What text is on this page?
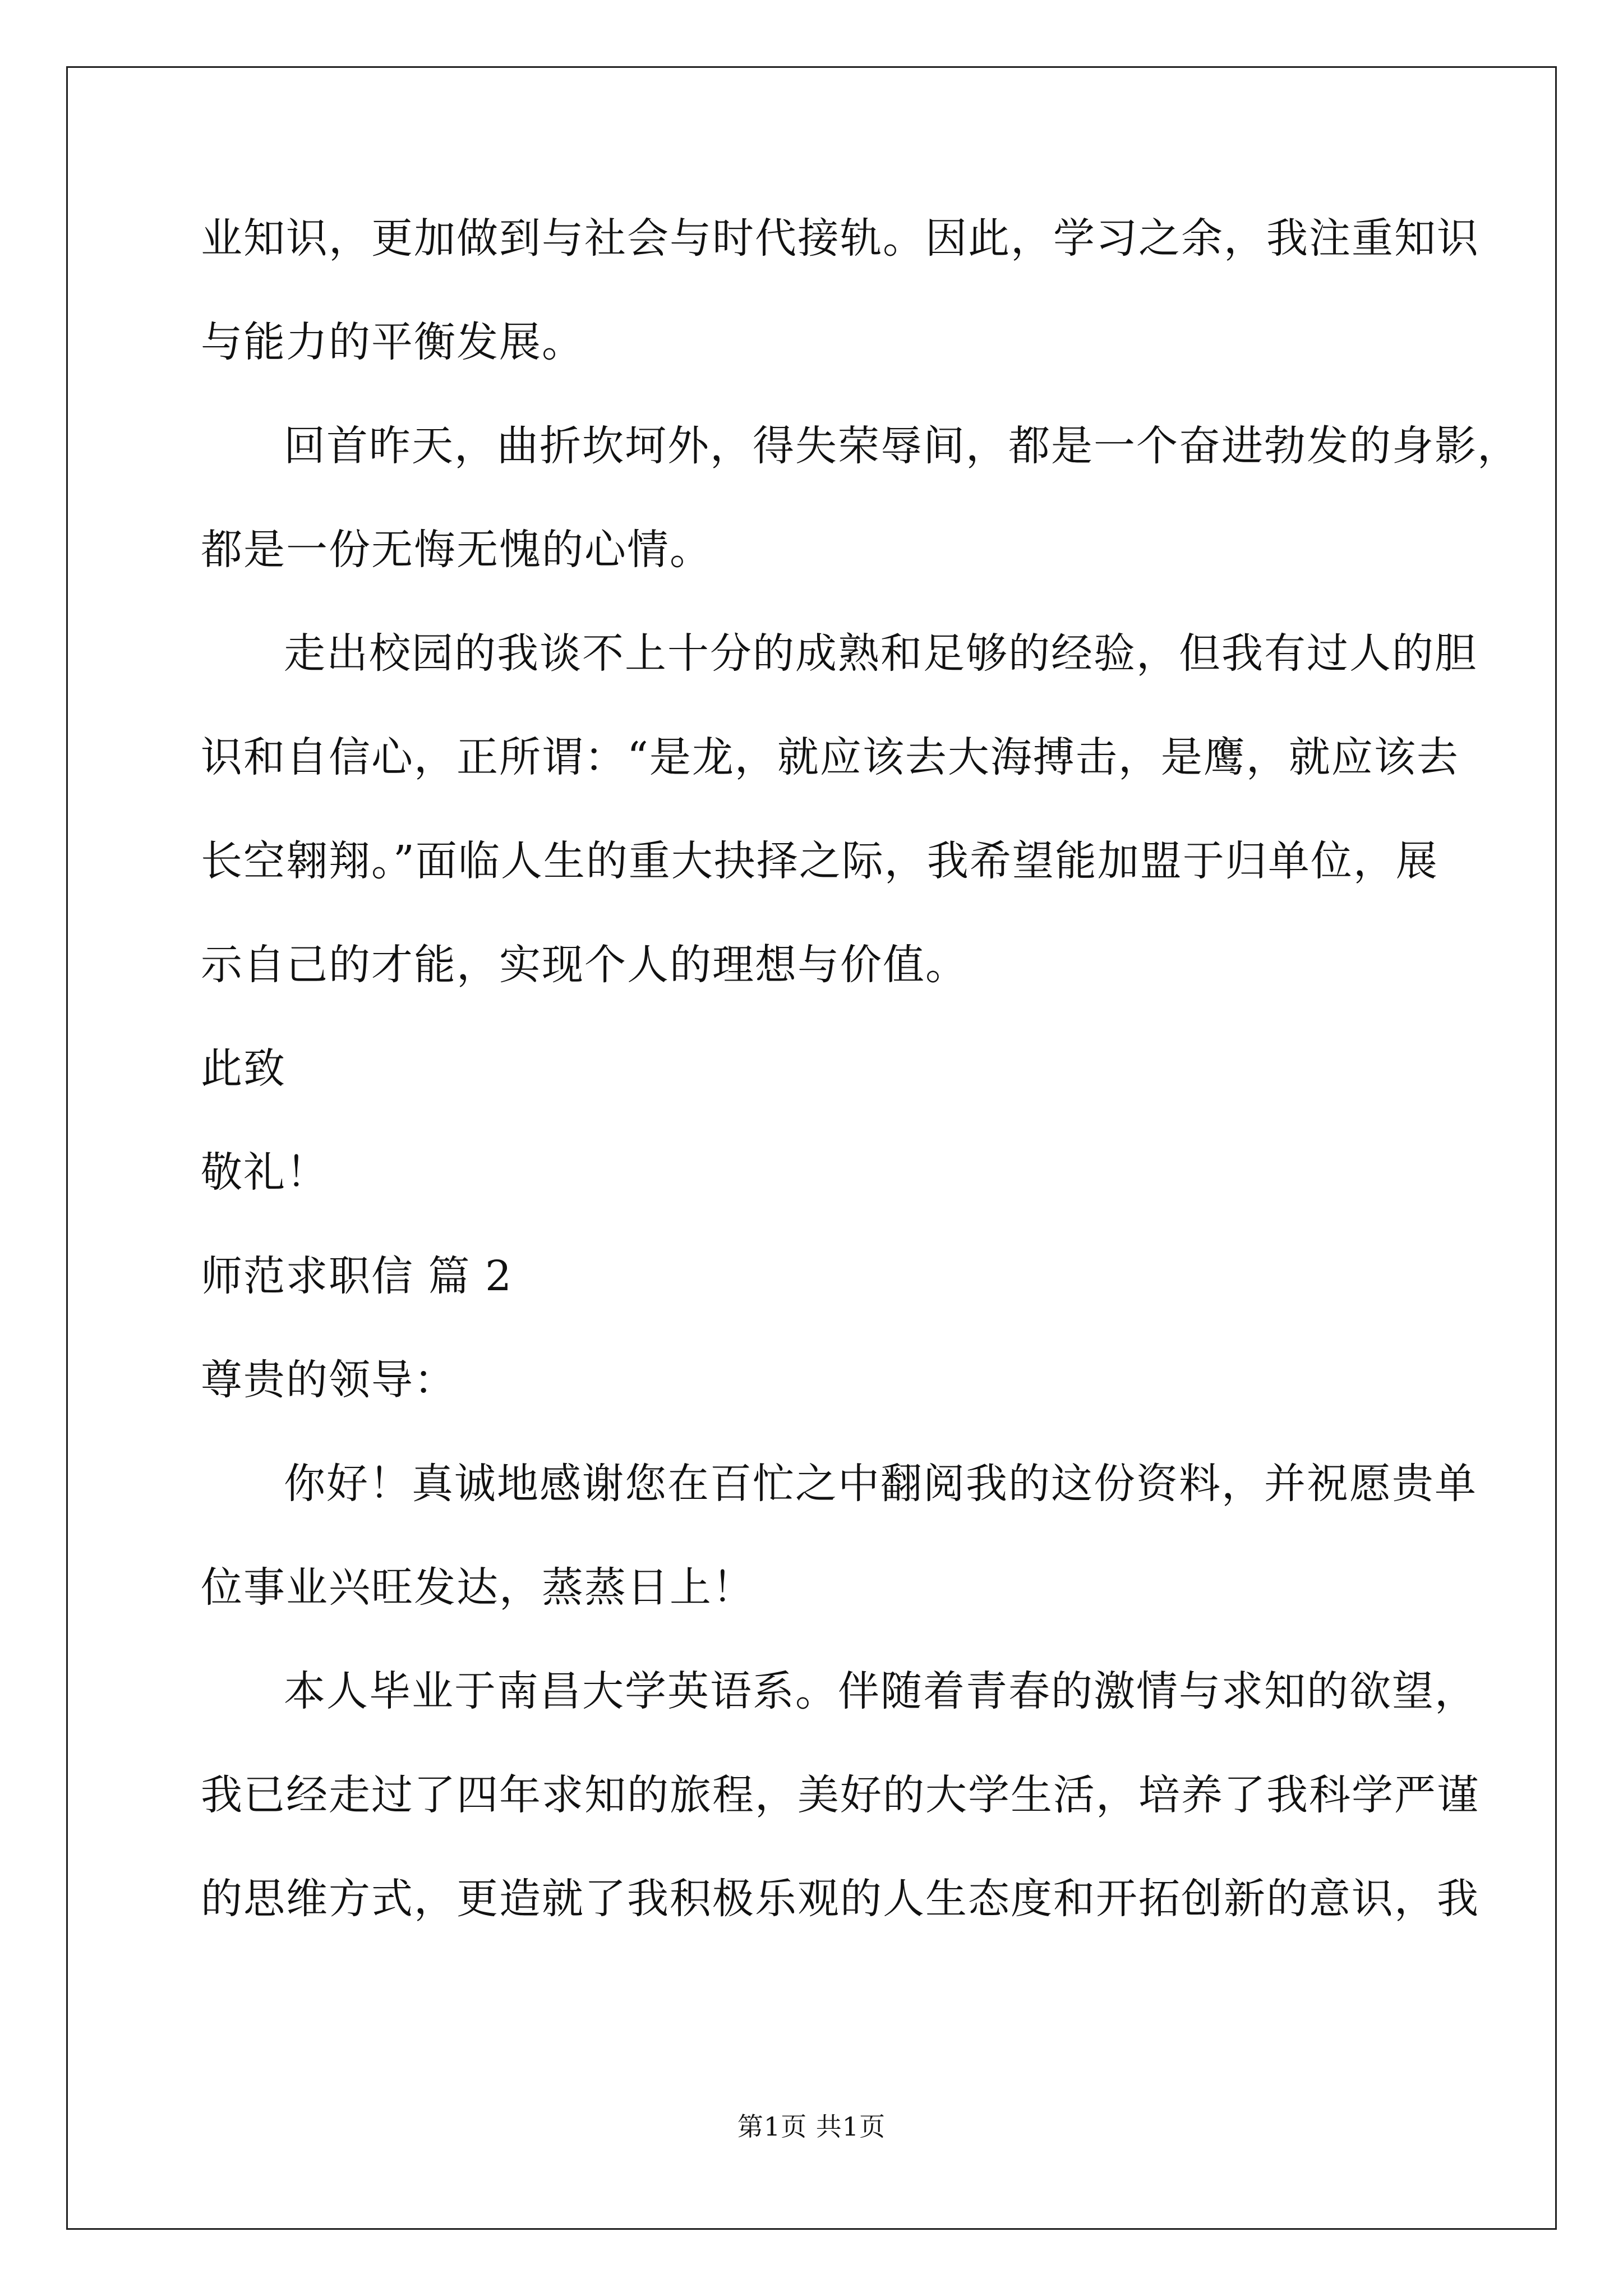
业知识，更加做到与社会与时代接轨。因此，学习之余，我注重知识
与能力的平衡发展。
回首昨天，曲折坎坷外，得失荣辱间，都是一个奋进勃发的身影，
都是一份无悔无愧的心情。
走出校园的我谈不上十分的成熟和足够的经验，但我有过人的胆
识和自信心，正所谓：“是龙，就应该去大海搏击，是鹰，就应该去
长空翱翔。”面临人生的重大抉择之际，我希望能加盟于归单位，展
示自己的才能，实现个人的理想与价值。
此致
敬礼！
师范求职信 篇 2
尊贵的领导：
你好！真诚地感谢您在百忙之中翻阅我的这份资料，并祝愿贵单
位事业兴旺发达，蒸蒸日上！
本人毕业于南昌大学英语系。伴随着青春的激情与求知的欲望，
我已经走过了四年求知的旅程，美好的大学生活，培养了我科学严谨
的思维方式，更造就了我积极乐观的人生态度和开拓创新的意识，我
第1页 共1页
